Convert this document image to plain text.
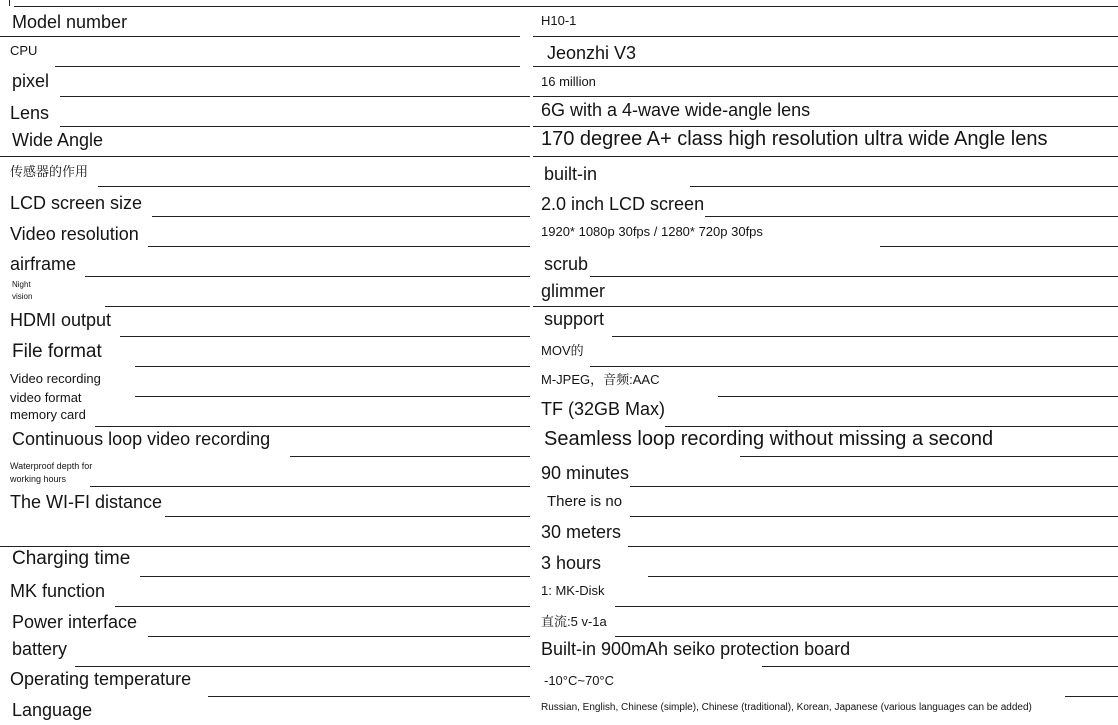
Model number
CPU
pixel
Lens
Wide Angle
传感器的作用
LCD screen size
Video resolution
airframe
Night vision
HDMI output
File format
Video recording video format
memory card
Continuous loop video recording
Waterproof depth for working hours
The WI-FI distance
Charging time
MK function
Power interface
battery
Operating temperature
Language
H10-1
Jeonzhi V3
16 million
6G with a 4-wave wide-angle lens
170 degree A+ class high resolution ultra wide Angle lens
built-in
2.0 inch LCD screen
1920* 1080p 30fps / 1280* 720p 30fps
scrub
glimmer
support
MOV的
M-JPEG，音频:AAC
TF (32GB Max)
Seamless loop recording without missing a second
90 minutes
There is no
30 meters
3 hours
1: MK-Disk
直流:5 v-1a
Built-in 900mAh seiko protection board
-10°C~70°C
Russian, English, Chinese (simple), Chinese (traditional), Korean, Japanese (various languages can be added)
